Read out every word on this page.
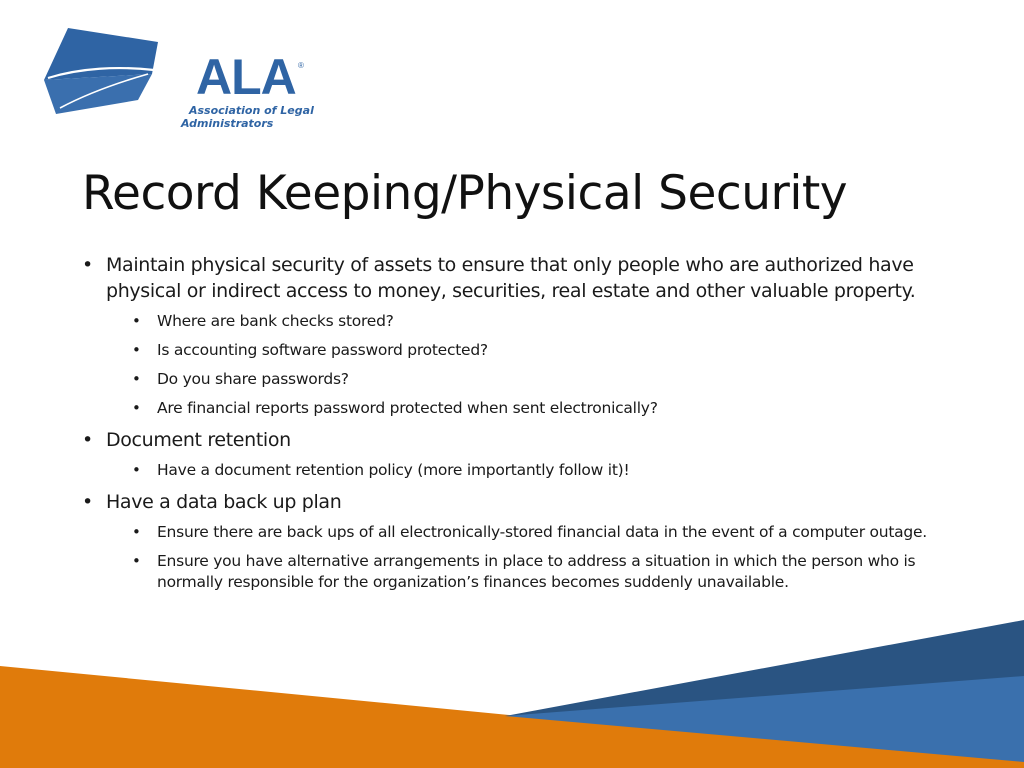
ALA ®
Association of Legal
Administrators
Record Keeping/Physical Security
• Maintain physical security of assets to ensure that only people who are authorized have physical or indirect access to money, securities, real estate and other valuable property.
• Where are bank checks stored?
• Is accounting software password protected?
• Do you share passwords?
• Are financial reports password protected when sent electronically?
• Document retention
• Have a document retention policy (more importantly follow it)!
• Have a data back up plan
• Ensure there are back ups of all electronically-stored financial data in the event of a computer outage.
• Ensure you have alternative arrangements in place to address a situation in which the person who is normally responsible for the organization’s finances becomes suddenly unavailable.
